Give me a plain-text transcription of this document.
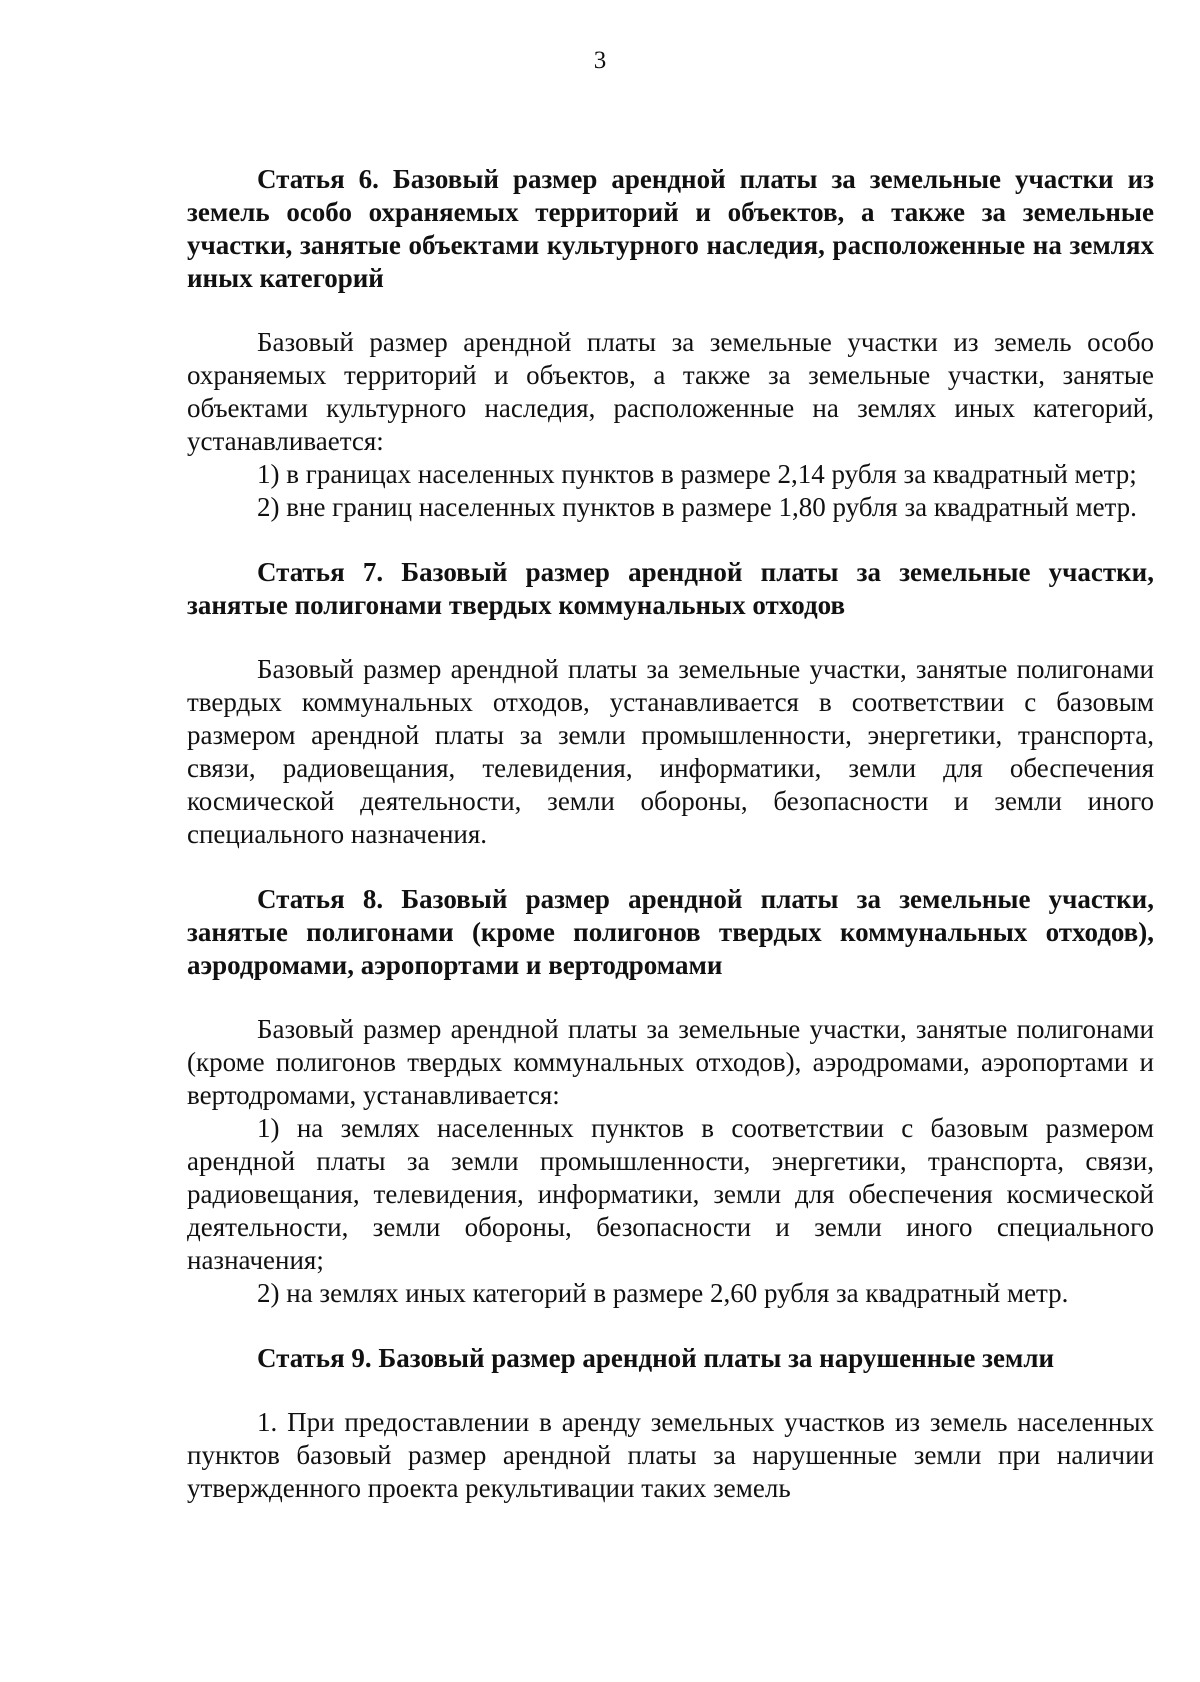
3

Статья 6. Базовый размер арендной платы за земельные участки из земель особо охраняемых территорий и объектов, а также за земельные участки, занятые объектами культурного наследия, расположенные на землях иных категорий

Базовый размер арендной платы за земельные участки из земель особо охраняемых территорий и объектов, а также за земельные участки, занятые объектами культурного наследия, расположенные на землях иных категорий, устанавливается:

1) в границах населенных пунктов в размере 2,14 рубля за квадратный метр;

2) вне границ населенных пунктов в размере 1,80 рубля за квадратный метр.

Статья 7. Базовый размер арендной платы за земельные участки, занятые полигонами твердых коммунальных отходов

Базовый размер арендной платы за земельные участки, занятые полигонами твердых коммунальных отходов, устанавливается в соответствии с базовым размером арендной платы за земли промышленности, энергетики, транспорта, связи, радиовещания, телевидения, информатики, земли для обеспечения космической деятельности, земли обороны, безопасности и земли иного специального назначения.

Статья 8. Базовый размер арендной платы за земельные участки, занятые полигонами (кроме полигонов твердых коммунальных отходов), аэродромами, аэропортами и вертодромами

Базовый размер арендной платы за земельные участки, занятые полигонами (кроме полигонов твердых коммунальных отходов), аэродромами, аэропортами и вертодромами, устанавливается:

1) на землях населенных пунктов в соответствии с базовым размером арендной платы за земли промышленности, энергетики, транспорта, связи, радиовещания, телевидения, информатики, земли для обеспечения космической деятельности, земли обороны, безопасности и земли иного специального назначения;

2) на землях иных категорий в размере 2,60 рубля за квадратный метр.

Статья 9. Базовый размер арендной платы за нарушенные земли

1. При предоставлении в аренду земельных участков из земель населенных пунктов базовый размер арендной платы за нарушенные земли при наличии утвержденного проекта рекультивации таких земель
